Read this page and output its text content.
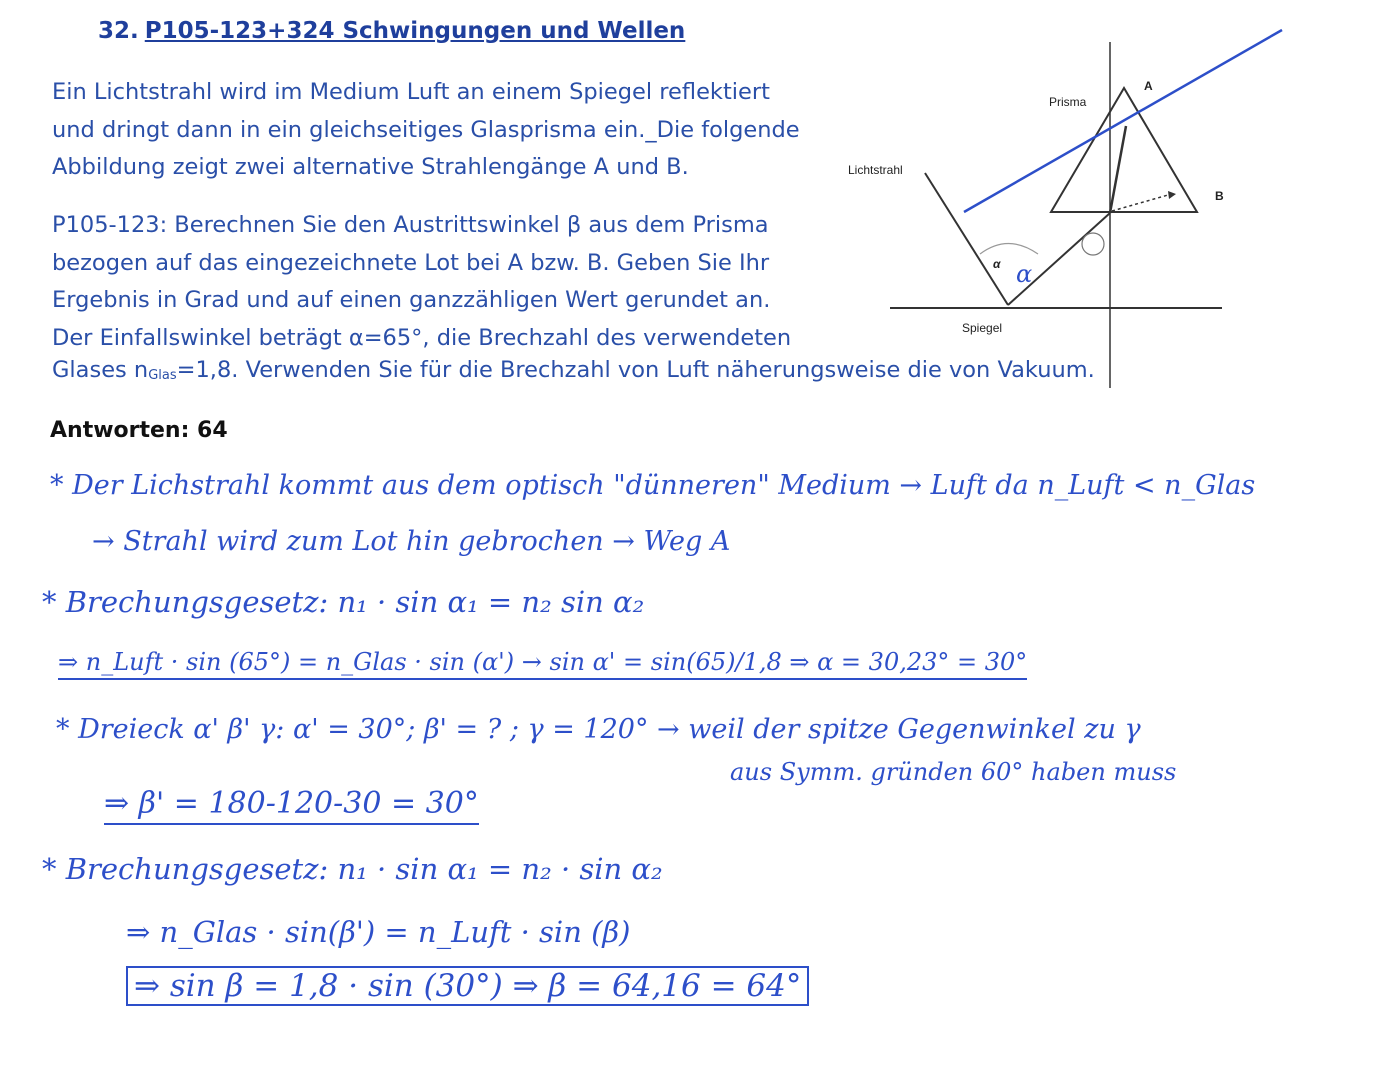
32. P105-123+324 Schwingungen und Wellen

Ein Lichtstrahl wird im Medium Luft an einem Spiegel reflektiert
und dringt dann in ein gleichseitiges Glasprisma ein._Die folgende
Abbildung zeigt zwei alternative Strahlengänge A und B.

P105-123: Berechnen Sie den Austrittswinkel β aus dem Prisma
bezogen auf das eingezeichnete Lot bei A bzw. B. Geben Sie Ihr
Ergebnis in Grad und auf einen ganzzähligen Wert gerundet an.
Der Einfallswinkel beträgt α=65°, die Brechzahl des verwendeten

Glases $n_{Glas}=1,8$. Verwenden Sie für die Brechzahl von Luft näherungsweise die von Vakuum.
Antworten: 64
Prisma
Lichtstrahl
Spiegel
A
B
α α
* Der Lichstrahl kommt aus dem optisch "dünneren" Medium → Luft da n_Luft < n_Glas
→ Strahl wird zum Lot hin gebrochen → Weg A
* Brechungsgesetz: n₁ · sin α₁ = n₂ sin α₂
⇒ n_Luft · sin (65°) = n_Glas · sin (α') → sin α' = sin(65)/1,8 ⇒ α = 30,23° = 30°
* Dreieck α' β' γ: α' = 30°; β' = ? ; γ = 120° → weil der spitze Gegenwinkel zu γ
aus Symm. gründen 60° haben muss
⇒ β' = 180-120-30 = 30°
* Brechungsgesetz: n₁ · sin α₁ = n₂ · sin α₂
⇒ n_Glas · sin(β') = n_Luft · sin (β)
⇒ sin β = 1,8 · sin (30°) ⇒ β = 64,16 = 64°
